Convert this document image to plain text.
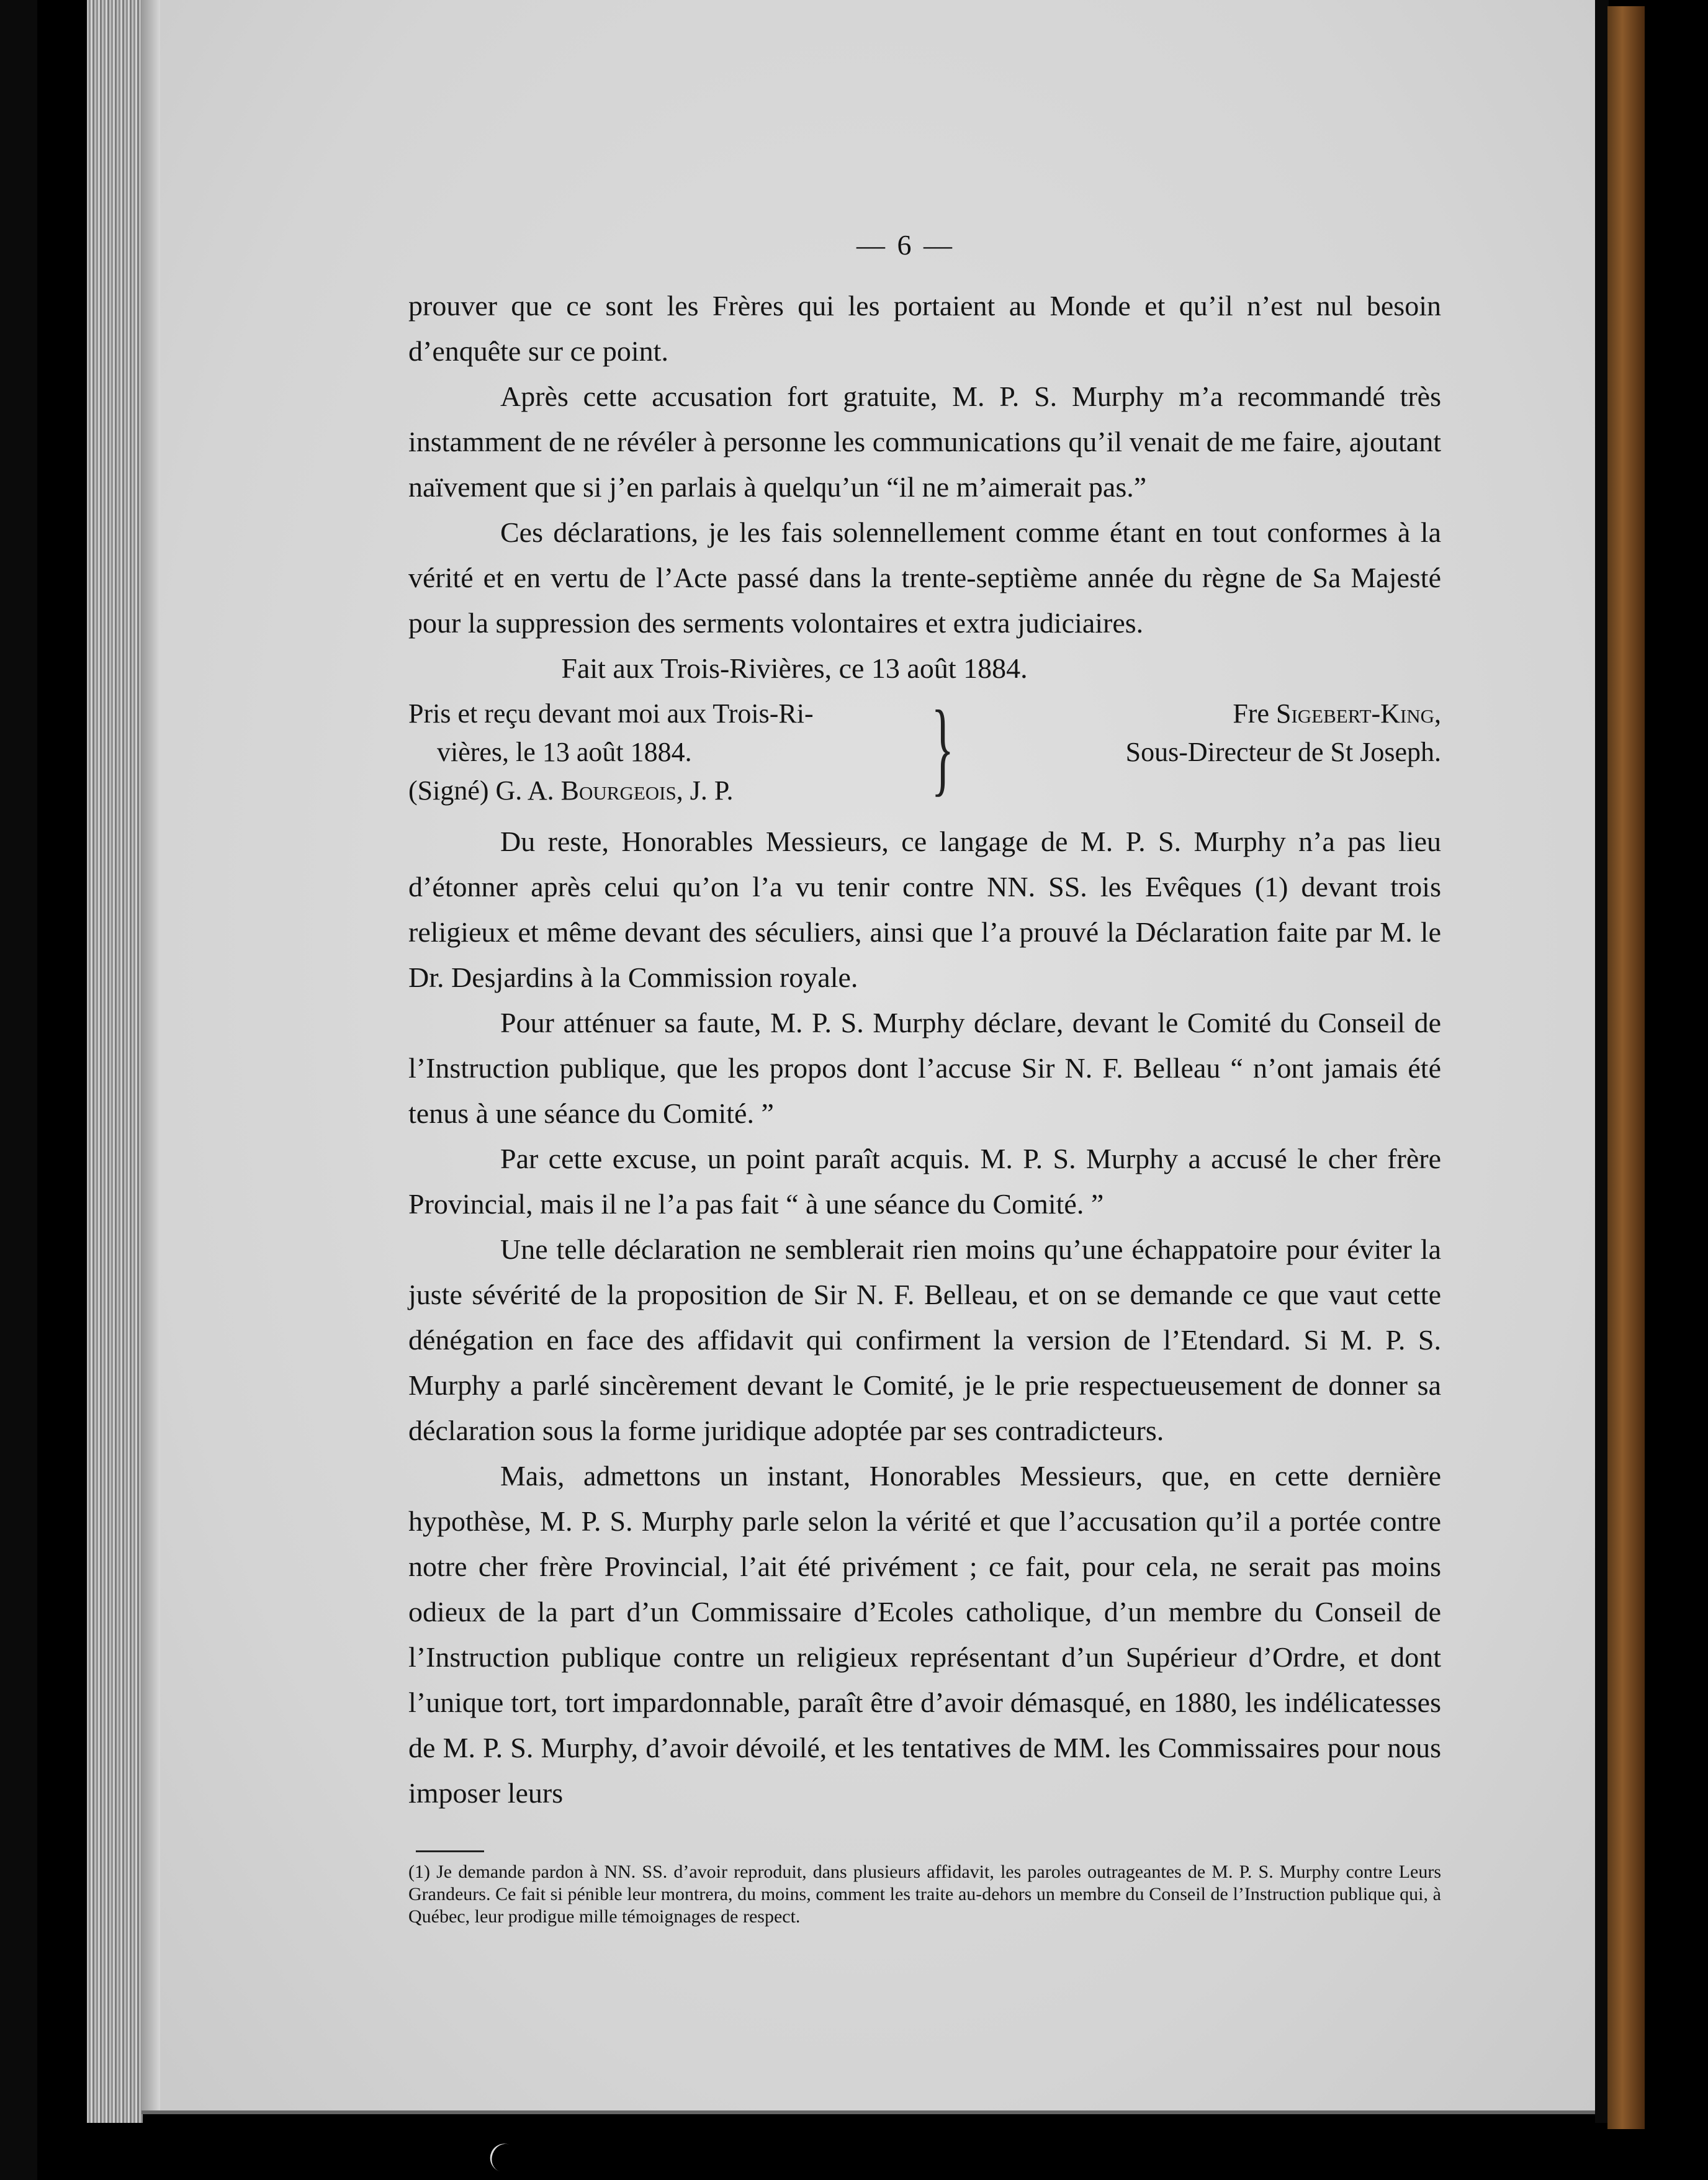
— 6 —

prouver que ce sont les Frères qui les portaient au Monde et qu’il n’est nul besoin d’enquête sur ce point.

Après cette accusation fort gratuite, M. P. S. Murphy m’a recommandé très instamment de ne révéler à personne les communications qu’il venait de me faire, ajoutant naïvement que si j’en parlais à quelqu’un “il ne m’aimerait pas.”

Ces déclarations, je les fais solennellement comme étant en tout conformes à la vérité et en vertu de l’Acte passé dans la trente-septième année du règne de Sa Majesté pour la suppression des serments volontaires et extra judiciaires.

Fait aux Trois-Rivières, ce 13 août 1884.

Pris et reçu devant moi aux Trois-Ri-
vières, le 13 août 1884.
(Signé) G. A. Bourgeois, J. P.	}	Fre Sigebert-King,
Sous-Directeur de St Joseph.

Du reste, Honorables Messieurs, ce langage de M. P. S. Murphy n’a pas lieu d’étonner après celui qu’on l’a vu tenir contre NN. SS. les Evêques (1) devant trois religieux et même devant des séculiers, ainsi que l’a prouvé la Déclaration faite par M. le Dr. Desjardins à la Commission royale.

Pour atténuer sa faute, M. P. S. Murphy déclare, devant le Comité du Conseil de l’Instruction publique, que les propos dont l’accuse Sir N. F. Belleau “ n’ont jamais été tenus à une séance du Comité. ”

Par cette excuse, un point paraît acquis. M. P. S. Murphy a accusé le cher frère Provincial, mais il ne l’a pas fait “ à une séance du Comité. ”

Une telle déclaration ne semblerait rien moins qu’une échappatoire pour éviter la juste sévérité de la proposition de Sir N. F. Belleau, et on se demande ce que vaut cette dénégation en face des affidavit qui confirment la version de l’Etendard. Si M. P. S. Murphy a parlé sincèrement devant le Comité, je le prie respectueusement de donner sa déclaration sous la forme juridique adoptée par ses contradicteurs.

Mais, admettons un instant, Honorables Messieurs, que, en cette dernière hypothèse, M. P. S. Murphy parle selon la vérité et que l’accusation qu’il a portée contre notre cher frère Provincial, l’ait été privément ; ce fait, pour cela, ne serait pas moins odieux de la part d’un Commissaire d’Ecoles catholique, d’un membre du Conseil de l’Instruction publique contre un religieux représentant d’un Supérieur d’Ordre, et dont l’unique tort, tort impardonnable, paraît être d’avoir démasqué, en 1880, les indélicatesses de M. P. S. Murphy, d’avoir dévoilé, et les tentatives de MM. les Commissaires pour nous imposer leurs

(1) Je demande pardon à NN. SS. d’avoir reproduit, dans plusieurs affidavit, les paroles outrageantes de M. P. S. Murphy contre Leurs Grandeurs. Ce fait si pénible leur montrera, du moins, comment les traite au-dehors un membre du Conseil de l’Instruction publique qui, à Québec, leur prodigue mille témoignages de respect.
